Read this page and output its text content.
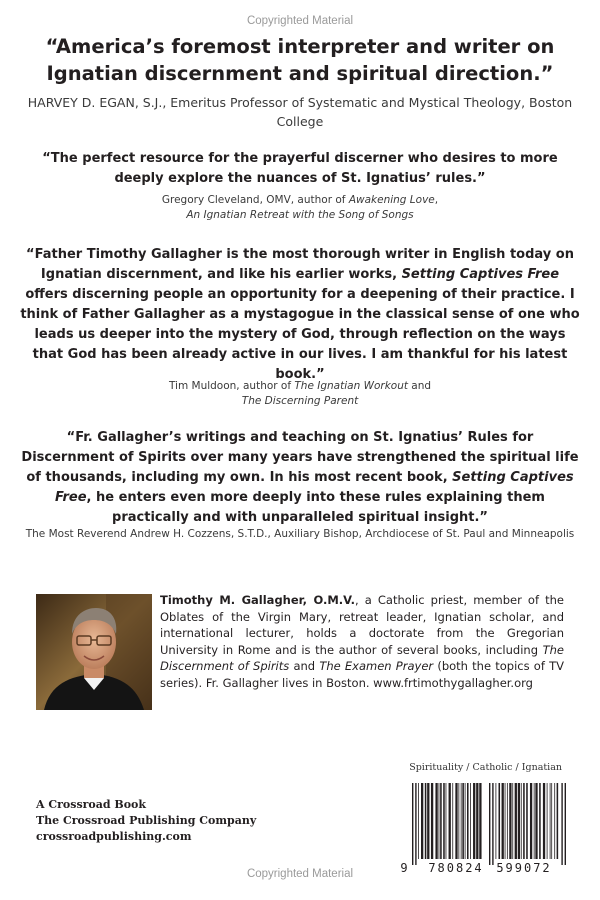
Copyrighted Material

“America’s foremost interpreter and writer on Ignatian discernment and spiritual direction.”

HARVEY D. EGAN, S.J., Emeritus Professor of Systematic and Mystical Theology, Boston College

“The perfect resource for the prayerful discerner who desires to more deeply explore the nuances of St. Ignatius’ rules.”

Gregory Cleveland, OMV, author of Awakening Love,
An Ignatian Retreat with the Song of Songs

“Father Timothy Gallagher is the most thorough writer in English today on Ignatian discernment, and like his earlier works, Setting Captives Free offers discerning people an opportunity for a deepening of their practice. I think of Father Gallagher as a mystagogue in the classical sense of one who leads us deeper into the mystery of God, through reflection on the ways that God has been already active in our lives. I am thankful for his latest book.”

Tim Muldoon, author of The Ignatian Workout and
The Discerning Parent

“Fr. Gallagher’s writings and teaching on St. Ignatius’ Rules for Discernment of Spirits over many years have strengthened the spiritual life of thousands, including my own. In his most recent book, Setting Captives Free, he enters even more deeply into these rules explaining them practically and with unparalleled spiritual insight.”

The Most Reverend Andrew H. Cozzens, S.T.D., Auxiliary Bishop, Archdiocese of St. Paul and Minneapolis

Timothy M. Gallagher, O.M.V., a Catholic priest, member of the Oblates of the Virgin Mary, retreat leader, Ignatian scholar, and international lecturer, holds a doctorate from the Gregorian University in Rome and is the author of several books, including The Discernment of Spirits and The Examen Prayer (both the topics of TV series). Fr. Gallagher lives in Boston. www.frtimothygallagher.org

Spirituality / Catholic / Ignatian
A Crossroad Book
The Crossroad Publishing Company
crossroadpublishing.com
9 780824 599072
Copyrighted Material
